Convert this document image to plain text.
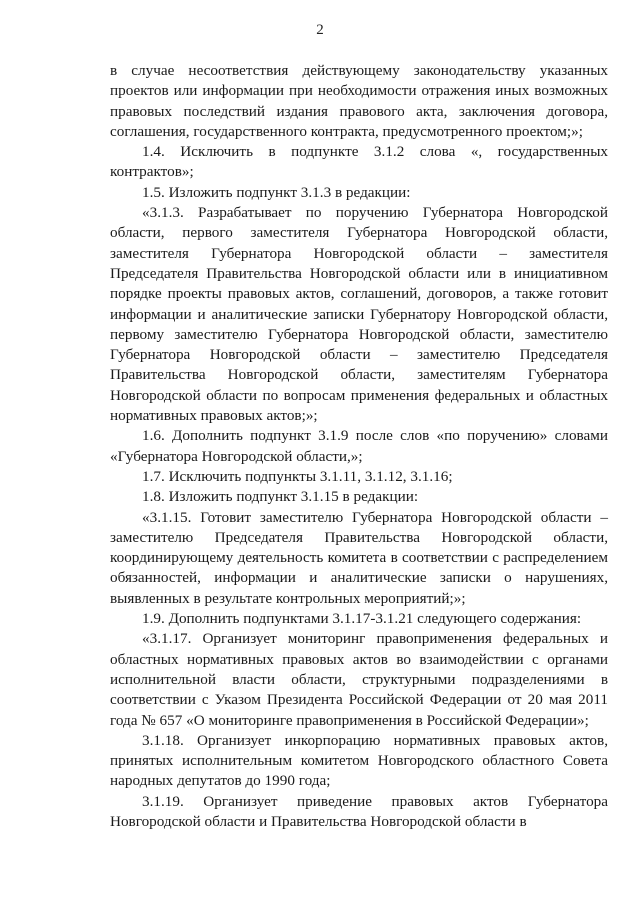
2

в случае несоответствия действующему законодательству указанных проектов или информации при необходимости отражения иных возможных правовых последствий издания правового акта, заключения договора, соглашения, государственного контракта, предусмотренного проектом;»;

1.4. Исключить в подпункте 3.1.2 слова «, государственных контрактов»;

1.5. Изложить подпункт 3.1.3 в редакции:

«3.1.3. Разрабатывает по поручению Губернатора Новгородской области, первого заместителя Губернатора Новгородской области, заместителя Губернатора Новгородской области – заместителя Председателя Правительства Новгородской области или в инициативном порядке проекты правовых актов, соглашений, договоров, а также готовит информации и аналитические записки Губернатору Новгородской области, первому заместителю Губернатора Новгородской области, заместителю Губернатора Новгородской области – заместителю Председателя Правительства Новгородской области, заместителям Губернатора Новгородской области по вопросам применения федеральных и областных нормативных правовых актов;»;

1.6. Дополнить подпункт 3.1.9 после слов «по поручению» словами «Губернатора Новгородской области,»;

1.7. Исключить подпункты 3.1.11, 3.1.12, 3.1.16;

1.8. Изложить подпункт 3.1.15 в редакции:

«3.1.15. Готовит заместителю Губернатора Новгородской области – заместителю Председателя Правительства Новгородской области, координирующему деятельность комитета в соответствии с распределением обязанностей, информации и аналитические записки о нарушениях, выявленных в результате контрольных мероприятий;»;

1.9. Дополнить подпунктами 3.1.17-3.1.21 следующего содержания:

«3.1.17. Организует мониторинг правоприменения федеральных и областных нормативных правовых актов во взаимодействии с органами исполнительной власти области, структурными подразделениями в соответствии с Указом Президента Российской Федерации от 20 мая 2011 года № 657 «О мониторинге правоприменения в Российской Федерации»;

3.1.18. Организует инкорпорацию нормативных правовых актов, принятых исполнительным комитетом Новгородского областного Совета народных депутатов до 1990 года;

3.1.19. Организует приведение правовых актов Губернатора Новгородской области и Правительства Новгородской области в
